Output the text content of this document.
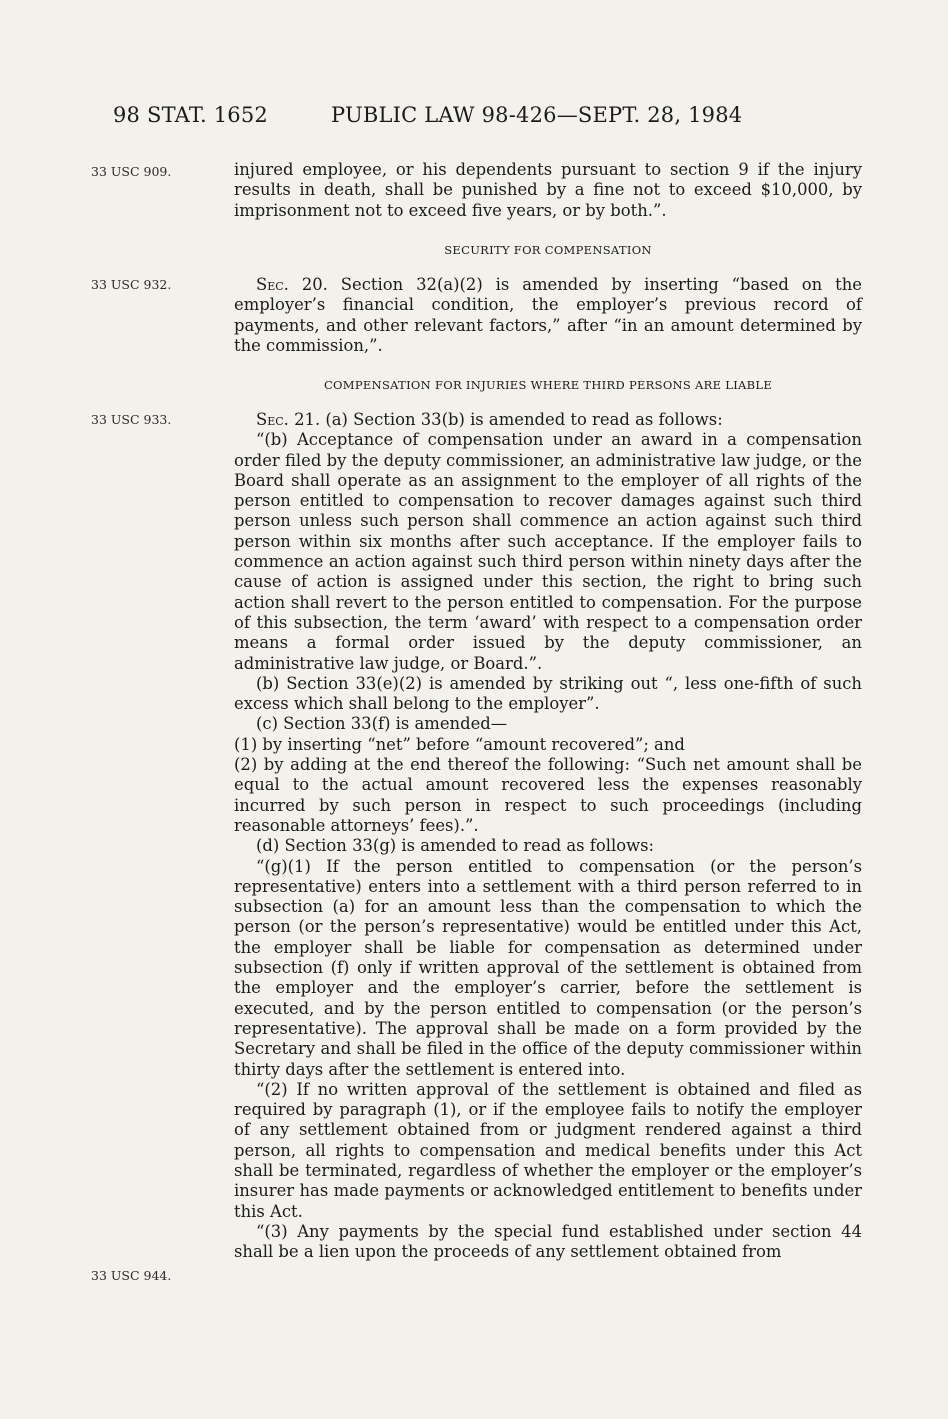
98 STAT. 1652	PUBLIC LAW 98-426—SEPT. 28, 1984
33 USC 909.
33 USC 932.
33 USC 933.
33 USC 944.

injured employee, or his dependents pursuant to section 9 if the injury results in death, shall be punished by a fine not to exceed $10,000, by imprisonment not to exceed five years, or by both.”.

SECURITY FOR COMPENSATION

Sec. 20. Section 32(a)(2) is amended by inserting “based on the employer’s financial condition, the employer’s previous record of payments, and other relevant factors,” after “in an amount determined by the commission,”.

COMPENSATION FOR INJURIES WHERE THIRD PERSONS ARE LIABLE

Sec. 21. (a) Section 33(b) is amended to read as follows:

“(b) Acceptance of compensation under an award in a compensation order filed by the deputy commissioner, an administrative law judge, or the Board shall operate as an assignment to the employer of all rights of the person entitled to compensation to recover damages against such third person unless such person shall commence an action against such third person within six months after such acceptance. If the employer fails to commence an action against such third person within ninety days after the cause of action is assigned under this section, the right to bring such action shall revert to the person entitled to compensation. For the purpose of this subsection, the term ‘award’ with respect to a compensation order means a formal order issued by the deputy commissioner, an administrative law judge, or Board.”.

(b) Section 33(e)(2) is amended by striking out “, less one-fifth of such excess which shall belong to the employer”.

(c) Section 33(f) is amended—

(1) by inserting “net” before “amount recovered”; and

(2) by adding at the end thereof the following: “Such net amount shall be equal to the actual amount recovered less the expenses reasonably incurred by such person in respect to such proceedings (including reasonable attorneys’ fees).”.

(d) Section 33(g) is amended to read as follows:

“(g)(1) If the person entitled to compensation (or the person’s representative) enters into a settlement with a third person referred to in subsection (a) for an amount less than the compensation to which the person (or the person’s representative) would be entitled under this Act, the employer shall be liable for compensation as determined under subsection (f) only if written approval of the settlement is obtained from the employer and the employer’s carrier, before the settlement is executed, and by the person entitled to compensation (or the person’s representative). The approval shall be made on a form provided by the Secretary and shall be filed in the office of the deputy commissioner within thirty days after the settlement is entered into.

“(2) If no written approval of the settlement is obtained and filed as required by paragraph (1), or if the employee fails to notify the employer of any settlement obtained from or judgment rendered against a third person, all rights to compensation and medical benefits under this Act shall be terminated, regardless of whether the employer or the employer’s insurer has made payments or acknowledged entitlement to benefits under this Act.

“(3) Any payments by the special fund established under section 44 shall be a lien upon the proceeds of any settlement obtained from
